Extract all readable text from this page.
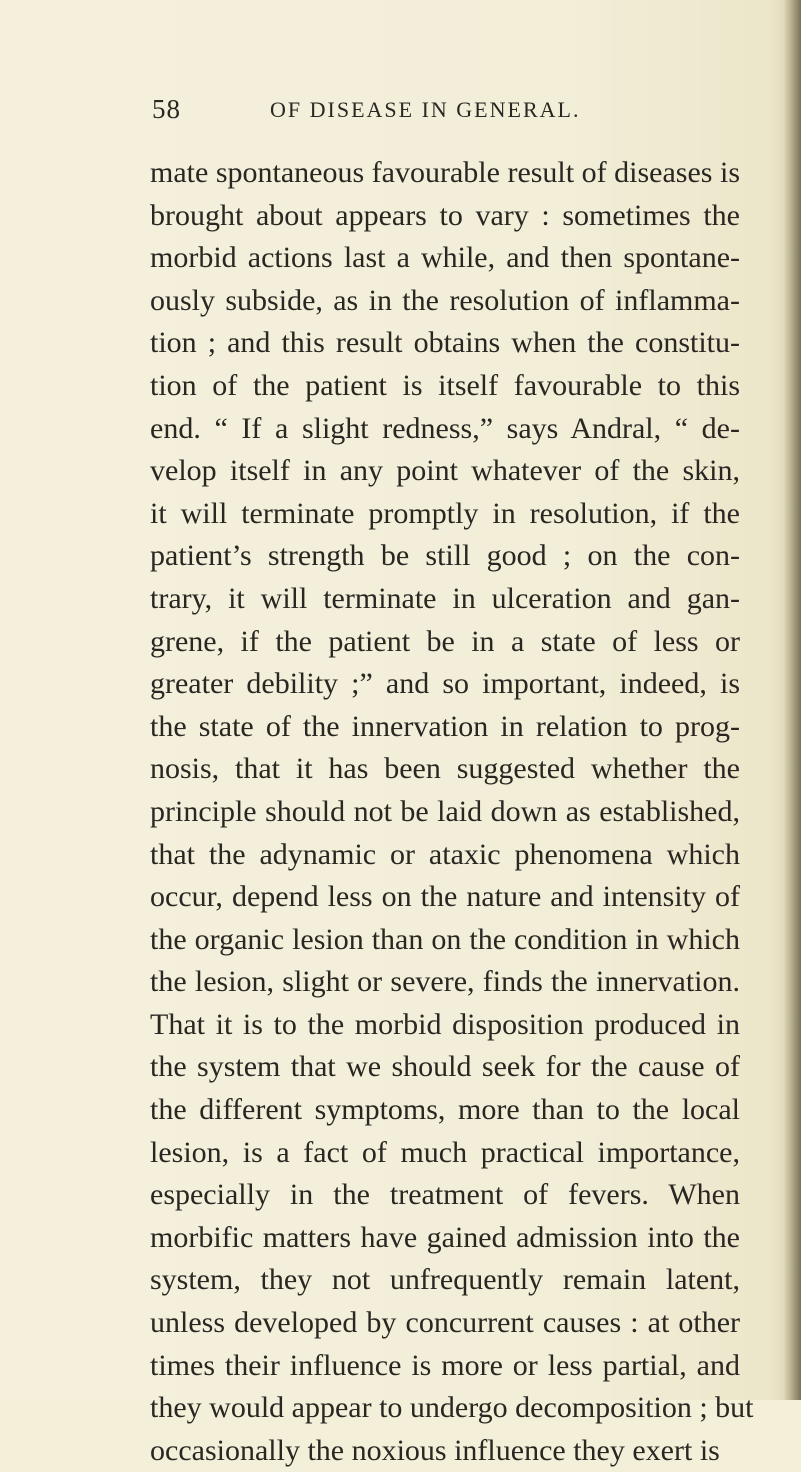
58	OF DISEASE IN GENERAL.
mate spontaneous favourable result of diseases is
brought about appears to vary : sometimes the
morbid actions last a while, and then spontane-
ously subside, as in the resolution of inflamma-
tion ; and this result obtains when the constitu-
tion of the patient is itself favourable to this
end. “ If a slight redness,” says Andral, “ de-
velop itself in any point whatever of the skin,
it will terminate promptly in resolution, if the
patient’s strength be still good ; on the con-
trary, it will terminate in ulceration and gan-
grene, if the patient be in a state of less or
greater debility ;” and so important, indeed, is
the state of the innervation in relation to prog-
nosis, that it has been suggested whether the
principle should not be laid down as established,
that the adynamic or ataxic phenomena which
occur, depend less on the nature and intensity of
the organic lesion than on the condition in which
the lesion, slight or severe, finds the innervation.
That it is to the morbid disposition produced in
the system that we should seek for the cause of
the different symptoms, more than to the local
lesion, is a fact of much practical importance,
especially in the treatment of fevers. When
morbific matters have gained admission into the
system, they not unfrequently remain latent,
unless developed by concurrent causes : at other
times their influence is more or less partial, and
they would appear to undergo decomposition ; but
occasionally the noxious influence they exert is
